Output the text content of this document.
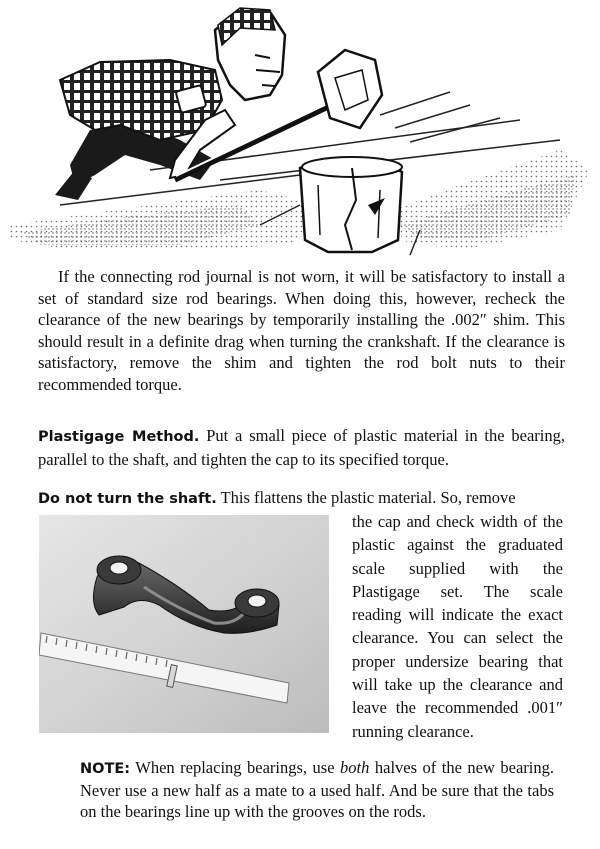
If the connecting rod journal is not worn, it will be satisfactory to install a set of standard size rod bearings. When doing this, however, recheck the clearance of the new bearings by temporarily installing the .002″ shim. This should result in a definite drag when turning the crankshaft. If the clearance is satisfactory, remove the shim and tighten the rod bolt nuts to their recommended torque.

Plastigage Method. Put a small piece of plastic material in the bearing, parallel to the shaft, and tighten the cap to its specified torque.

Do not turn the shaft. This flattens the plastic material. So, remove

the cap and check width of the plastic against the graduated scale supplied with the Plastigage set. The scale reading will indicate the exact clearance. You can select the proper undersize bearing that will take up the clearance and leave the recommended .001″ running clearance.

NOTE: When replacing bearings, use both halves of the new bearing. Never use a new half as a mate to a used half. And be sure that the tabs on the bearings line up with the grooves on the rods.
